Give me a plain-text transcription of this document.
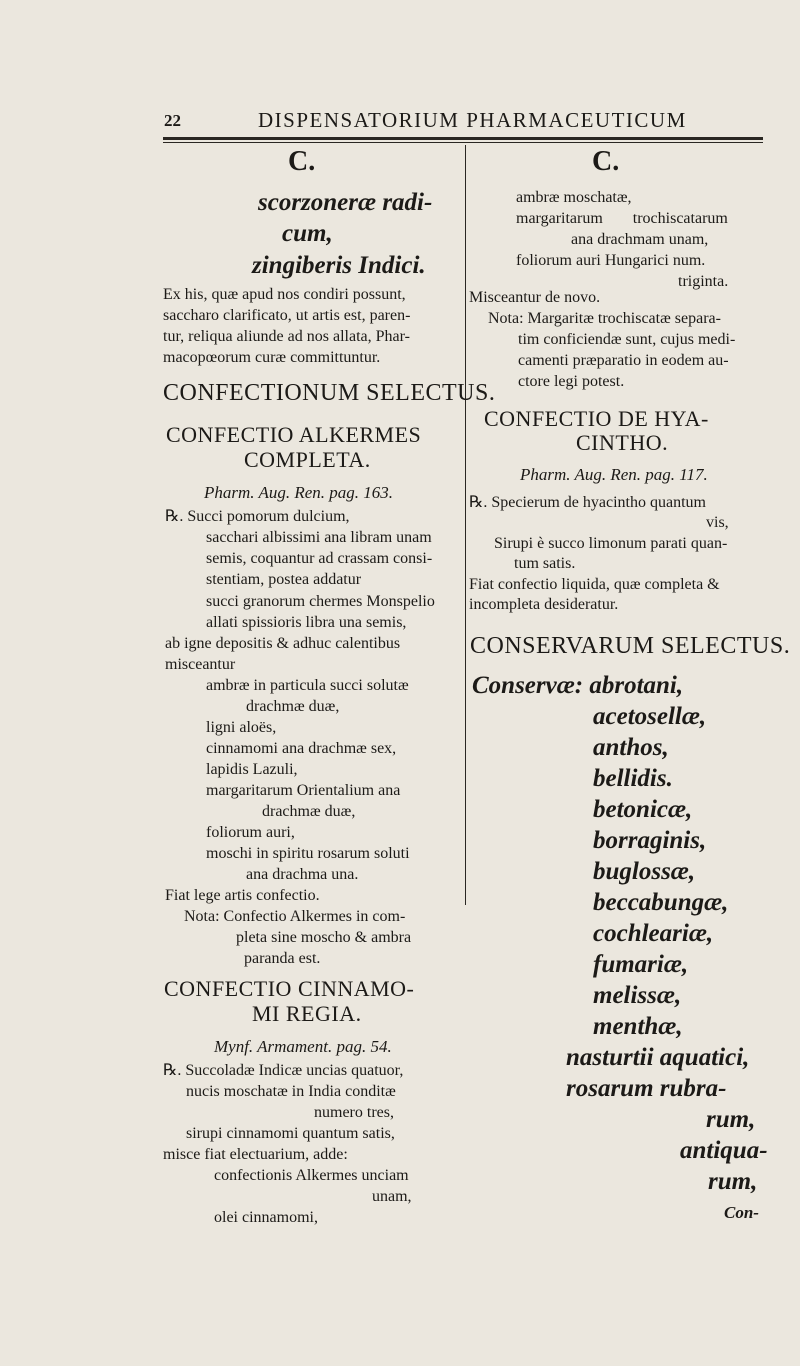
22	DISPENSATORIUM PHARMACEUTICUM
C.
scorzoneræ radi-
cum,
zingiberis Indici.
Ex his, quæ apud nos condiri possunt,
saccharo clarificato, ut artis est, paren-
tur, reliqua aliunde ad nos allata, Phar-
macopœorum curæ committuntur.
CONFECTIONUM SELECTUS.
CONFECTIO ALKERMES
COMPLETA.
Pharm. Aug. Ren. pag. 163.
℞. Succi pomorum dulcium,
sacchari albissimi ana libram unam
semis, coquantur ad crassam consi-
stentiam, postea addatur
succi granorum chermes Monspelio
allati spissioris libra una semis,
ab igne depositis & adhuc calentibus
misceantur
ambræ in particula succi solutæ
drachmæ duæ,
ligni aloës,
cinnamomi ana drachmæ sex,
lapidis Lazuli,
margaritarum Orientalium ana
drachmæ duæ,
foliorum auri,
moschi in spiritu rosarum soluti
ana drachma una.
Fiat lege artis confectio.
Nota: Confectio Alkermes in com-
pleta sine moscho & ambra
paranda est.
CONFECTIO CINNAMO-
MI REGIA.
Mynf. Armament. pag. 54.
℞. Succoladæ Indicæ uncias quatuor,
nucis moschatæ in India conditæ
numero tres,
sirupi cinnamomi quantum satis,
misce fiat electuarium, adde:
confectionis Alkermes unciam
unam,
olei cinnamomi,
C.
ambræ moschatæ,
margaritarum trochiscatarum
ana drachmam unam,
foliorum auri Hungarici num.
triginta.
Misceantur de novo.
Nota: Margaritæ trochiscatæ separa-
tim conficiendæ sunt, cujus medi-
camenti præparatio in eodem au-
ctore legi potest.
CONFECTIO DE HYA-
CINTHO.
Pharm. Aug. Ren. pag. 117.
℞. Specierum de hyacintho quantum
vis,
Sirupi è succo limonum parati quan-
tum satis.
Fiat confectio liquida, quæ completa &
incompleta desideratur.
CONSERVARUM SELECTUS.
Conservæ: abrotani,
acetosellæ,
anthos,
bellidis.
betonicæ,
borraginis,
buglossæ,
beccabungæ,
cochleariæ,
fumariæ,
melissæ,
menthæ,
nasturtii aquatici,
rosarum rubra-
rum,
antiqua-
rum,
Con-
